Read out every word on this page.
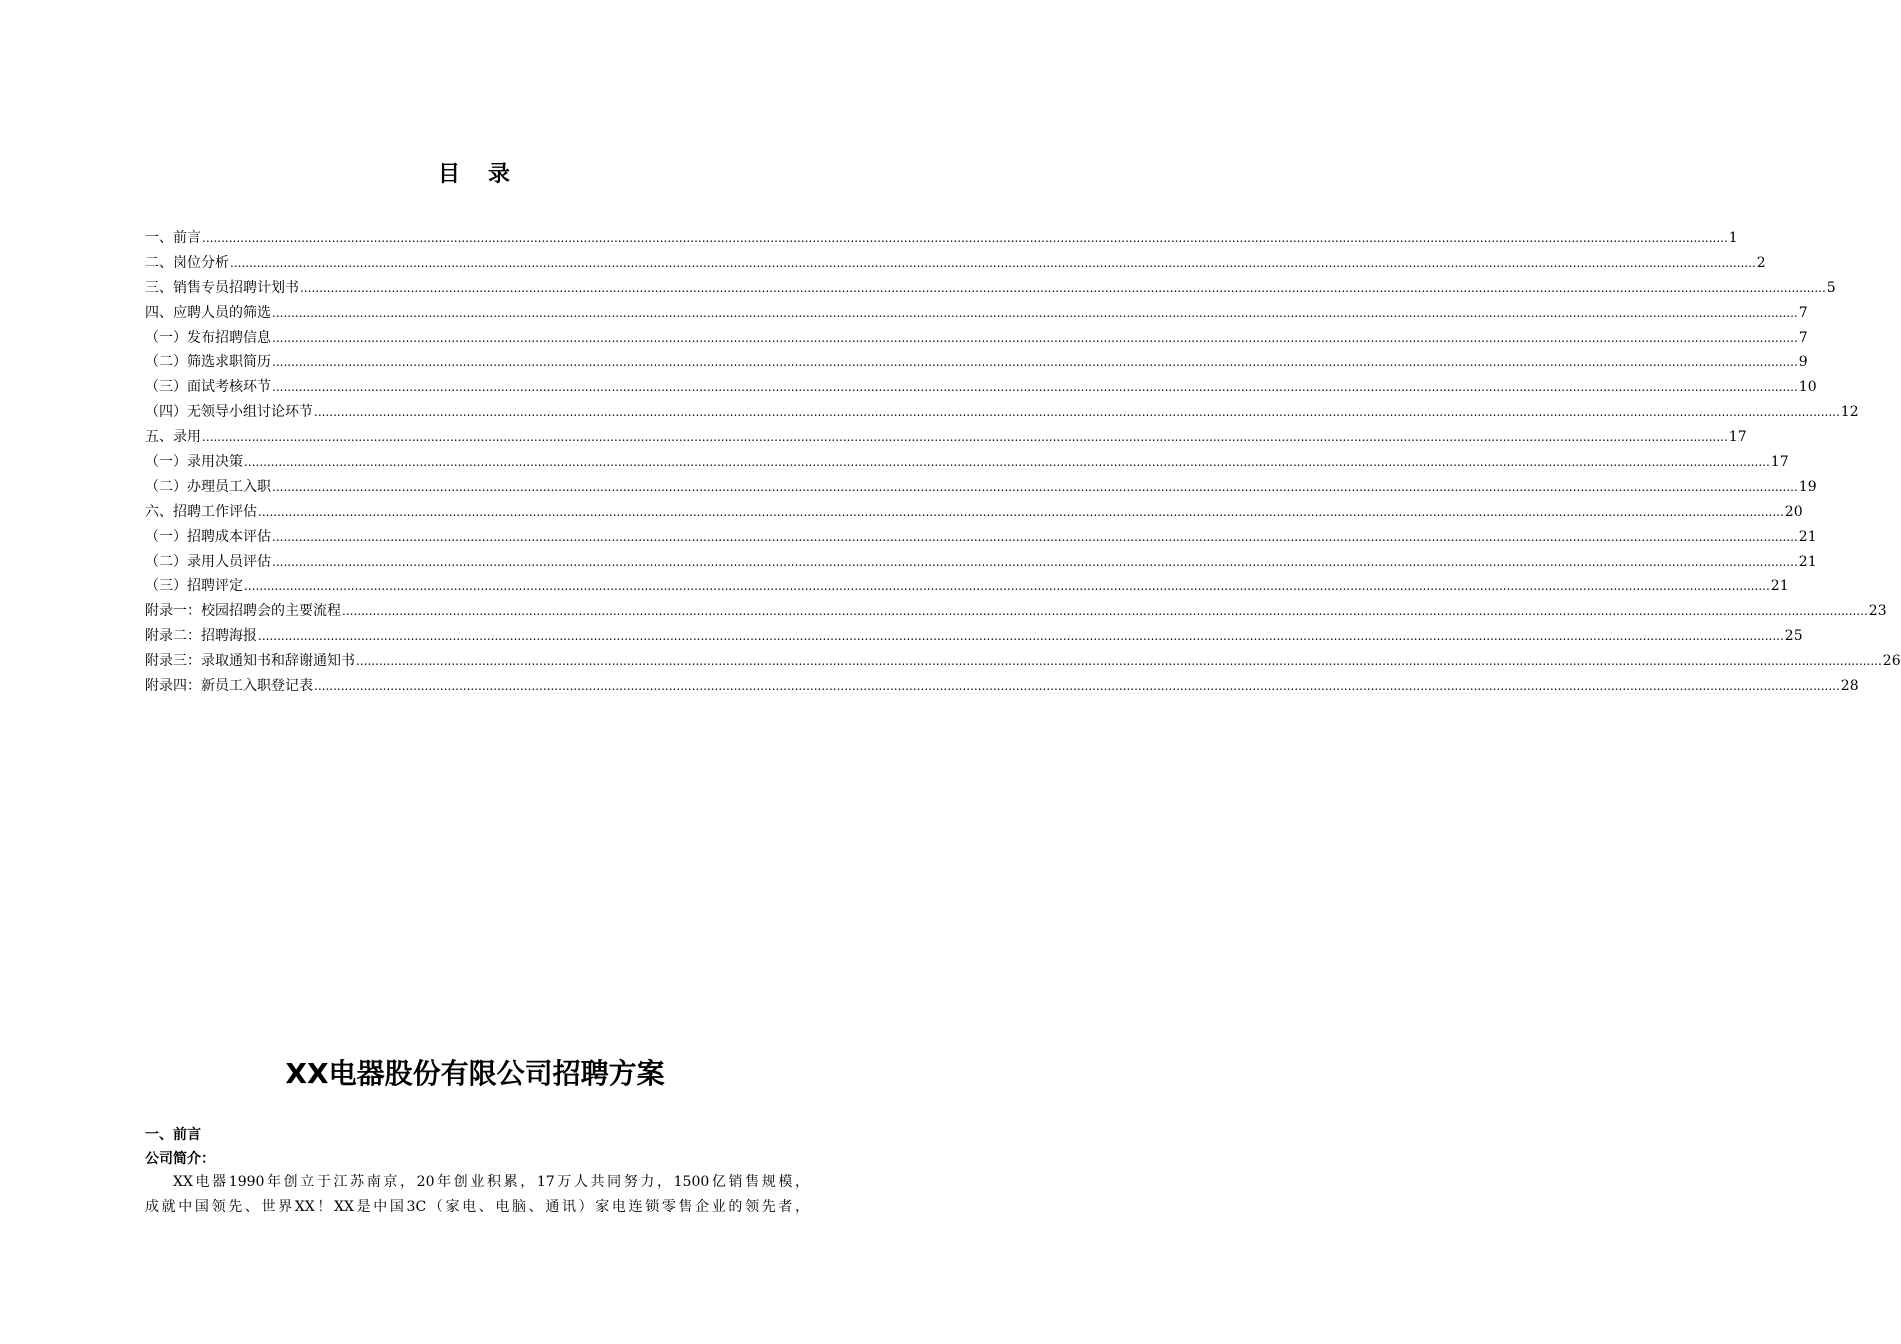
目 录
一、前言 ................................................................................................................................................................................................................................................................................................................................................................................................................ 1
二、岗位分析 ................................................................................................................................................................................................................................................................................................................................................................................................................ 2
三、销售专员招聘计划书 ................................................................................................................................................................................................................................................................................................................................................................................................................ 5
四、应聘人员的筛选 ................................................................................................................................................................................................................................................................................................................................................................................................................ 7
（一）发布招聘信息 ................................................................................................................................................................................................................................................................................................................................................................................................................ 7
（二）筛选求职简历 ................................................................................................................................................................................................................................................................................................................................................................................................................ 9
（三）面试考核环节 ................................................................................................................................................................................................................................................................................................................................................................................................................ 10
（四）无领导小组讨论环节 ................................................................................................................................................................................................................................................................................................................................................................................................................ 12
五、录用 ................................................................................................................................................................................................................................................................................................................................................................................................................ 17
（一）录用决策 ................................................................................................................................................................................................................................................................................................................................................................................................................ 17
（二）办理员工入职 ................................................................................................................................................................................................................................................................................................................................................................................................................ 19
六、招聘工作评估 ................................................................................................................................................................................................................................................................................................................................................................................................................ 20
（一）招聘成本评估 ................................................................................................................................................................................................................................................................................................................................................................................................................ 21
（二）录用人员评估 ................................................................................................................................................................................................................................................................................................................................................................................................................ 21
（三）招聘评定 ................................................................................................................................................................................................................................................................................................................................................................................................................ 21
附录一：校园招聘会的主要流程 ................................................................................................................................................................................................................................................................................................................................................................................................................ 23
附录二：招聘海报 ................................................................................................................................................................................................................................................................................................................................................................................................................ 25
附录三：录取通知书和辞谢通知书 ................................................................................................................................................................................................................................................................................................................................................................................................................ 26
附录四：新员工入职登记表 ................................................................................................................................................................................................................................................................................................................................................................................................................ 28
XX电器股份有限公司招聘方案
一、前言
公司简介：

XX电器1990年创立于江苏南京，20年创业积累，17万人共同努力，1500亿销售规模，
成就中国领先、世界XX！XX是中国3C（家电、电脑、通讯）家电连锁零售企业的领先者，
